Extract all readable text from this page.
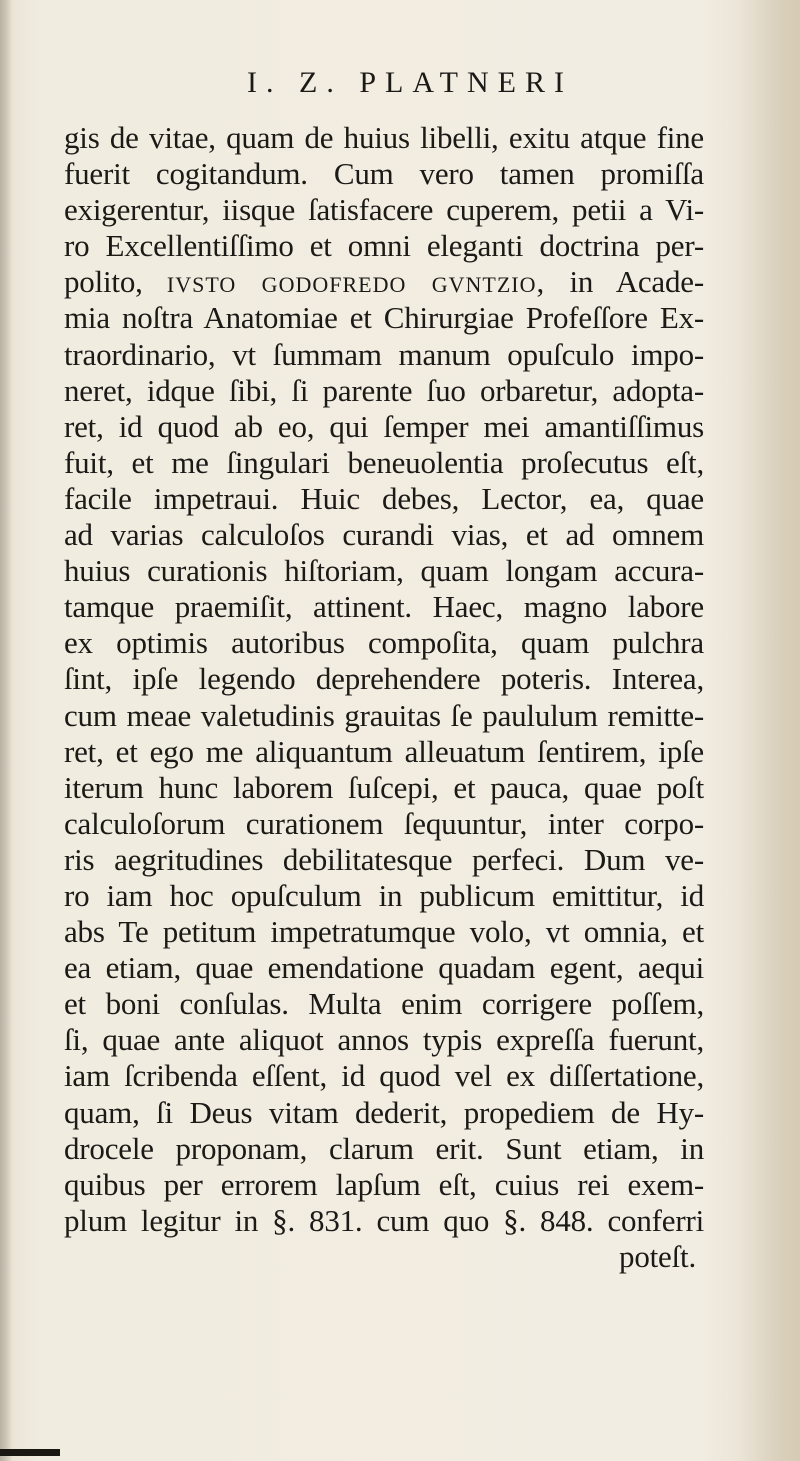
I. Z. PLATNERI
gis de vitae, quam de huius libelli, exitu atque fine
fuerit cogitandum. Cum vero tamen promiſſa
exigerentur, iisque ſatisfacere cuperem, petii a Vi-
ro Excellentiſſimo et omni eleganti doctrina per-
polito, ivsto godofredo gvntzio, in Acade-
mia noſtra Anatomiae et Chirurgiae Profeſſore Ex-
traordinario, vt ſummam manum opuſculo impo-
neret, idque ſibi, ſi parente ſuo orbaretur, adopta-
ret, id quod ab eo, qui ſemper mei amantiſſimus
fuit, et me ſingulari beneuolentia proſecutus eſt,
facile impetraui. Huic debes, Lector, ea, quae
ad varias calculoſos curandi vias, et ad omnem
huius curationis hiſtoriam, quam longam accura-
tamque praemiſit, attinent. Haec, magno labore
ex optimis autoribus compoſita, quam pulchra
ſint, ipſe legendo deprehendere poteris. Interea,
cum meae valetudinis grauitas ſe paululum remitte-
ret, et ego me aliquantum alleuatum ſentirem, ipſe
iterum hunc laborem ſuſcepi, et pauca, quae poſt
calculoſorum curationem ſequuntur, inter corpo-
ris aegritudines debilitatesque perfeci. Dum ve-
ro iam hoc opuſculum in publicum emittitur, id
abs Te petitum impetratumque volo, vt omnia, et
ea etiam, quae emendatione quadam egent, aequi
et boni conſulas. Multa enim corrigere poſſem,
ſi, quae ante aliquot annos typis expreſſa fuerunt,
iam ſcribenda eſſent, id quod vel ex diſſertatione,
quam, ſi Deus vitam dederit, propediem de Hy-
drocele proponam, clarum erit. Sunt etiam, in
quibus per errorem lapſum eſt, cuius rei exem-
plum legitur in §. 831. cum quo §. 848. conferri
poteſt.
